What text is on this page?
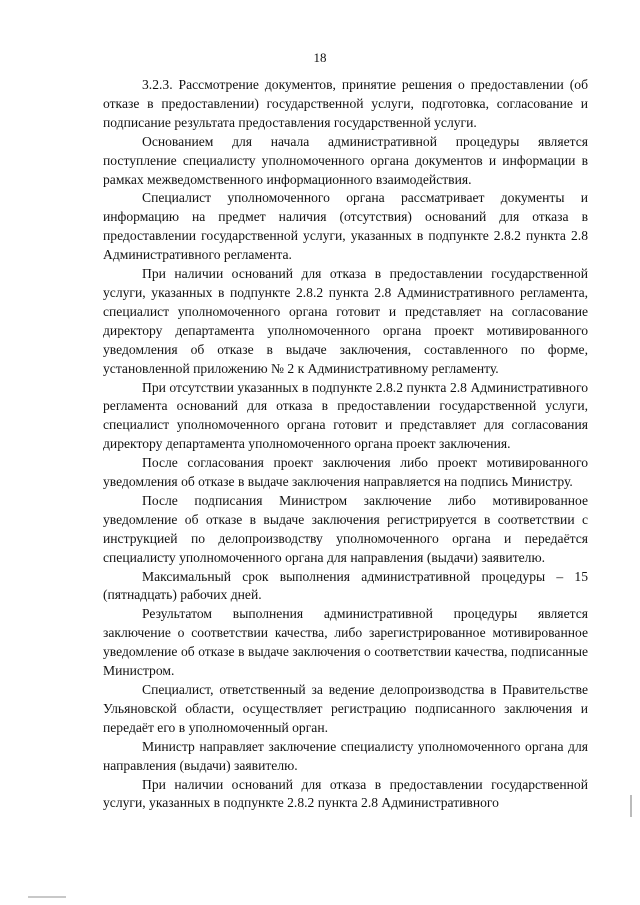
18

3.2.3. Рассмотрение документов, принятие решения о предоставлении (об отказе в предоставлении) государственной услуги, подготовка, согласование и подписание результата предоставления государственной услуги.

Основанием для начала административной процедуры является поступление специалисту уполномоченного органа документов и информации в рамках межведомственного информационного взаимодействия.

Специалист уполномоченного органа рассматривает документы и информацию на предмет наличия (отсутствия) оснований для отказа в предоставлении государственной услуги, указанных в подпункте 2.8.2 пункта 2.8 Административного регламента.

При наличии оснований для отказа в предоставлении государственной услуги, указанных в подпункте 2.8.2 пункта 2.8 Административного регламента, специалист уполномоченного органа готовит и представляет на согласование директору департамента уполномоченного органа проект мотивированного уведомления об отказе в выдаче заключения, составленного по форме, установленной приложению № 2 к Административному регламенту.

При отсутствии указанных в подпункте 2.8.2 пункта 2.8 Административного регламента оснований для отказа в предоставлении государственной услуги, специалист уполномоченного органа готовит и представляет для согласования директору департамента уполномоченного органа проект заключения.

После согласования проект заключения либо проект мотивированного уведомления об отказе в выдаче заключения направляется на подпись Министру.

После подписания Министром заключение либо мотивированное уведомление об отказе в выдаче заключения регистрируется в соответствии с инструкцией по делопроизводству уполномоченного органа и передаётся специалисту уполномоченного органа для направления (выдачи) заявителю.

Максимальный срок выполнения административной процедуры – 15 (пятнадцать) рабочих дней.

Результатом выполнения административной процедуры является заключение о соответствии качества, либо зарегистрированное мотивированное уведомление об отказе в выдаче заключения о соответствии качества, подписанные Министром.

Специалист, ответственный за ведение делопроизводства в Правительстве Ульяновской области, осуществляет регистрацию подписанного заключения и передаёт его в уполномоченный орган.

Министр направляет заключение специалисту уполномоченного органа для направления (выдачи) заявителю.

При наличии оснований для отказа в предоставлении государственной услуги, указанных в подпункте 2.8.2 пункта 2.8 Административного
